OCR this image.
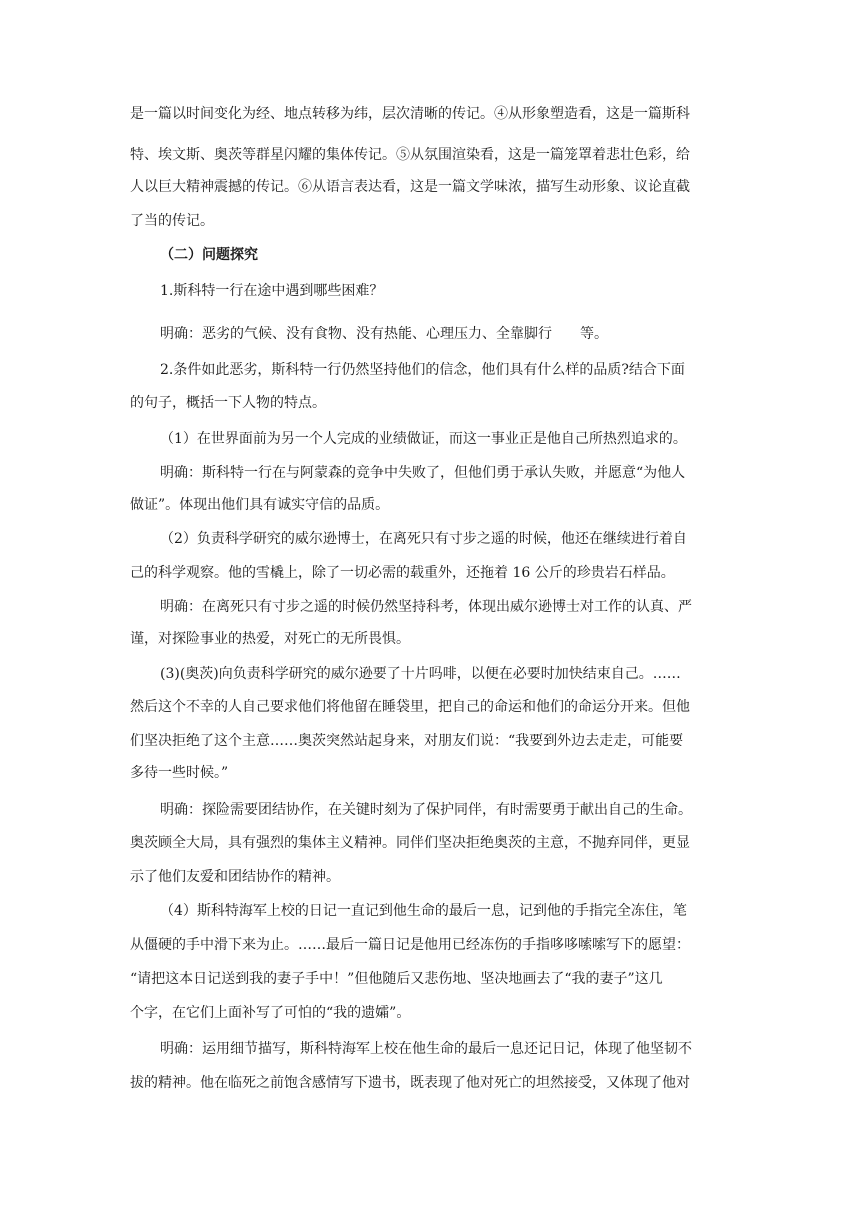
是一篇以时间变化为经、地点转移为纬，层次清晰的传记。④从形象塑造看，这是一篇斯科
特、埃文斯、奥茨等群星闪耀的集体传记。⑤从氛围渲染看，这是一篇笼罩着悲壮色彩，给
人以巨大精神震撼的传记。⑥从语言表达看，这是一篇文学味浓，描写生动形象、议论直截
了当的传记。
（二）问题探究
1.斯科特一行在途中遇到哪些困难？
明确：恶劣的气候、没有食物、没有热能、心理压力、全靠脚行　　等。
2.条件如此恶劣，斯科特一行仍然坚持他们的信念，他们具有什么样的品质?结合下面
的句子，概括一下人物的特点。
（1）在世界面前为另一个人完成的业绩做证，而这一事业正是他自己所热烈追求的。
明确：斯科特一行在与阿蒙森的竞争中失败了，但他们勇于承认失败，并愿意“为他人
做证”。体现出他们具有诚实守信的品质。
（2）负责科学研究的威尔逊博士，在离死只有寸步之遥的时候，他还在继续进行着自
己的科学观察。他的雪橇上，除了一切必需的载重外，还拖着 16 公斤的珍贵岩石样品。
明确：在离死只有寸步之遥的时候仍然坚持科考，体现出威尔逊博士对工作的认真、严
谨，对探险事业的热爱，对死亡的无所畏惧。
(3)(奥茨)向负责科学研究的威尔逊要了十片吗啡，以便在必要时加快结束自己。……
然后这个不幸的人自己要求他们将他留在睡袋里，把自己的命运和他们的命运分开来。但他
们坚决拒绝了这个主意……奥茨突然站起身来，对朋友们说：“我要到外边去走走，可能要
多待一些时候。”
明确：探险需要团结协作，在关键时刻为了保护同伴，有时需要勇于献出自己的生命。
奥茨顾全大局，具有强烈的集体主义精神。同伴们坚决拒绝奥茨的主意，不抛弃同伴，更显
示了他们友爱和团结协作的精神。
（4）斯科特海军上校的日记一直记到他生命的最后一息，记到他的手指完全冻住，笔
从僵硬的手中滑下来为止。……最后一篇日记是他用已经冻伤的手指哆哆嗦嗦写下的愿望：
“请把这本日记送到我的妻子手中！”但他随后又悲伤地、坚决地画去了“我的妻子”这几
个字，在它们上面补写了可怕的“我的遗孀”。
明确：运用细节描写，斯科特海军上校在他生命的最后一息还记日记，体现了他坚韧不
拔的精神。他在临死之前饱含感情写下遗书，既表现了他对死亡的坦然接受，又体现了他对
